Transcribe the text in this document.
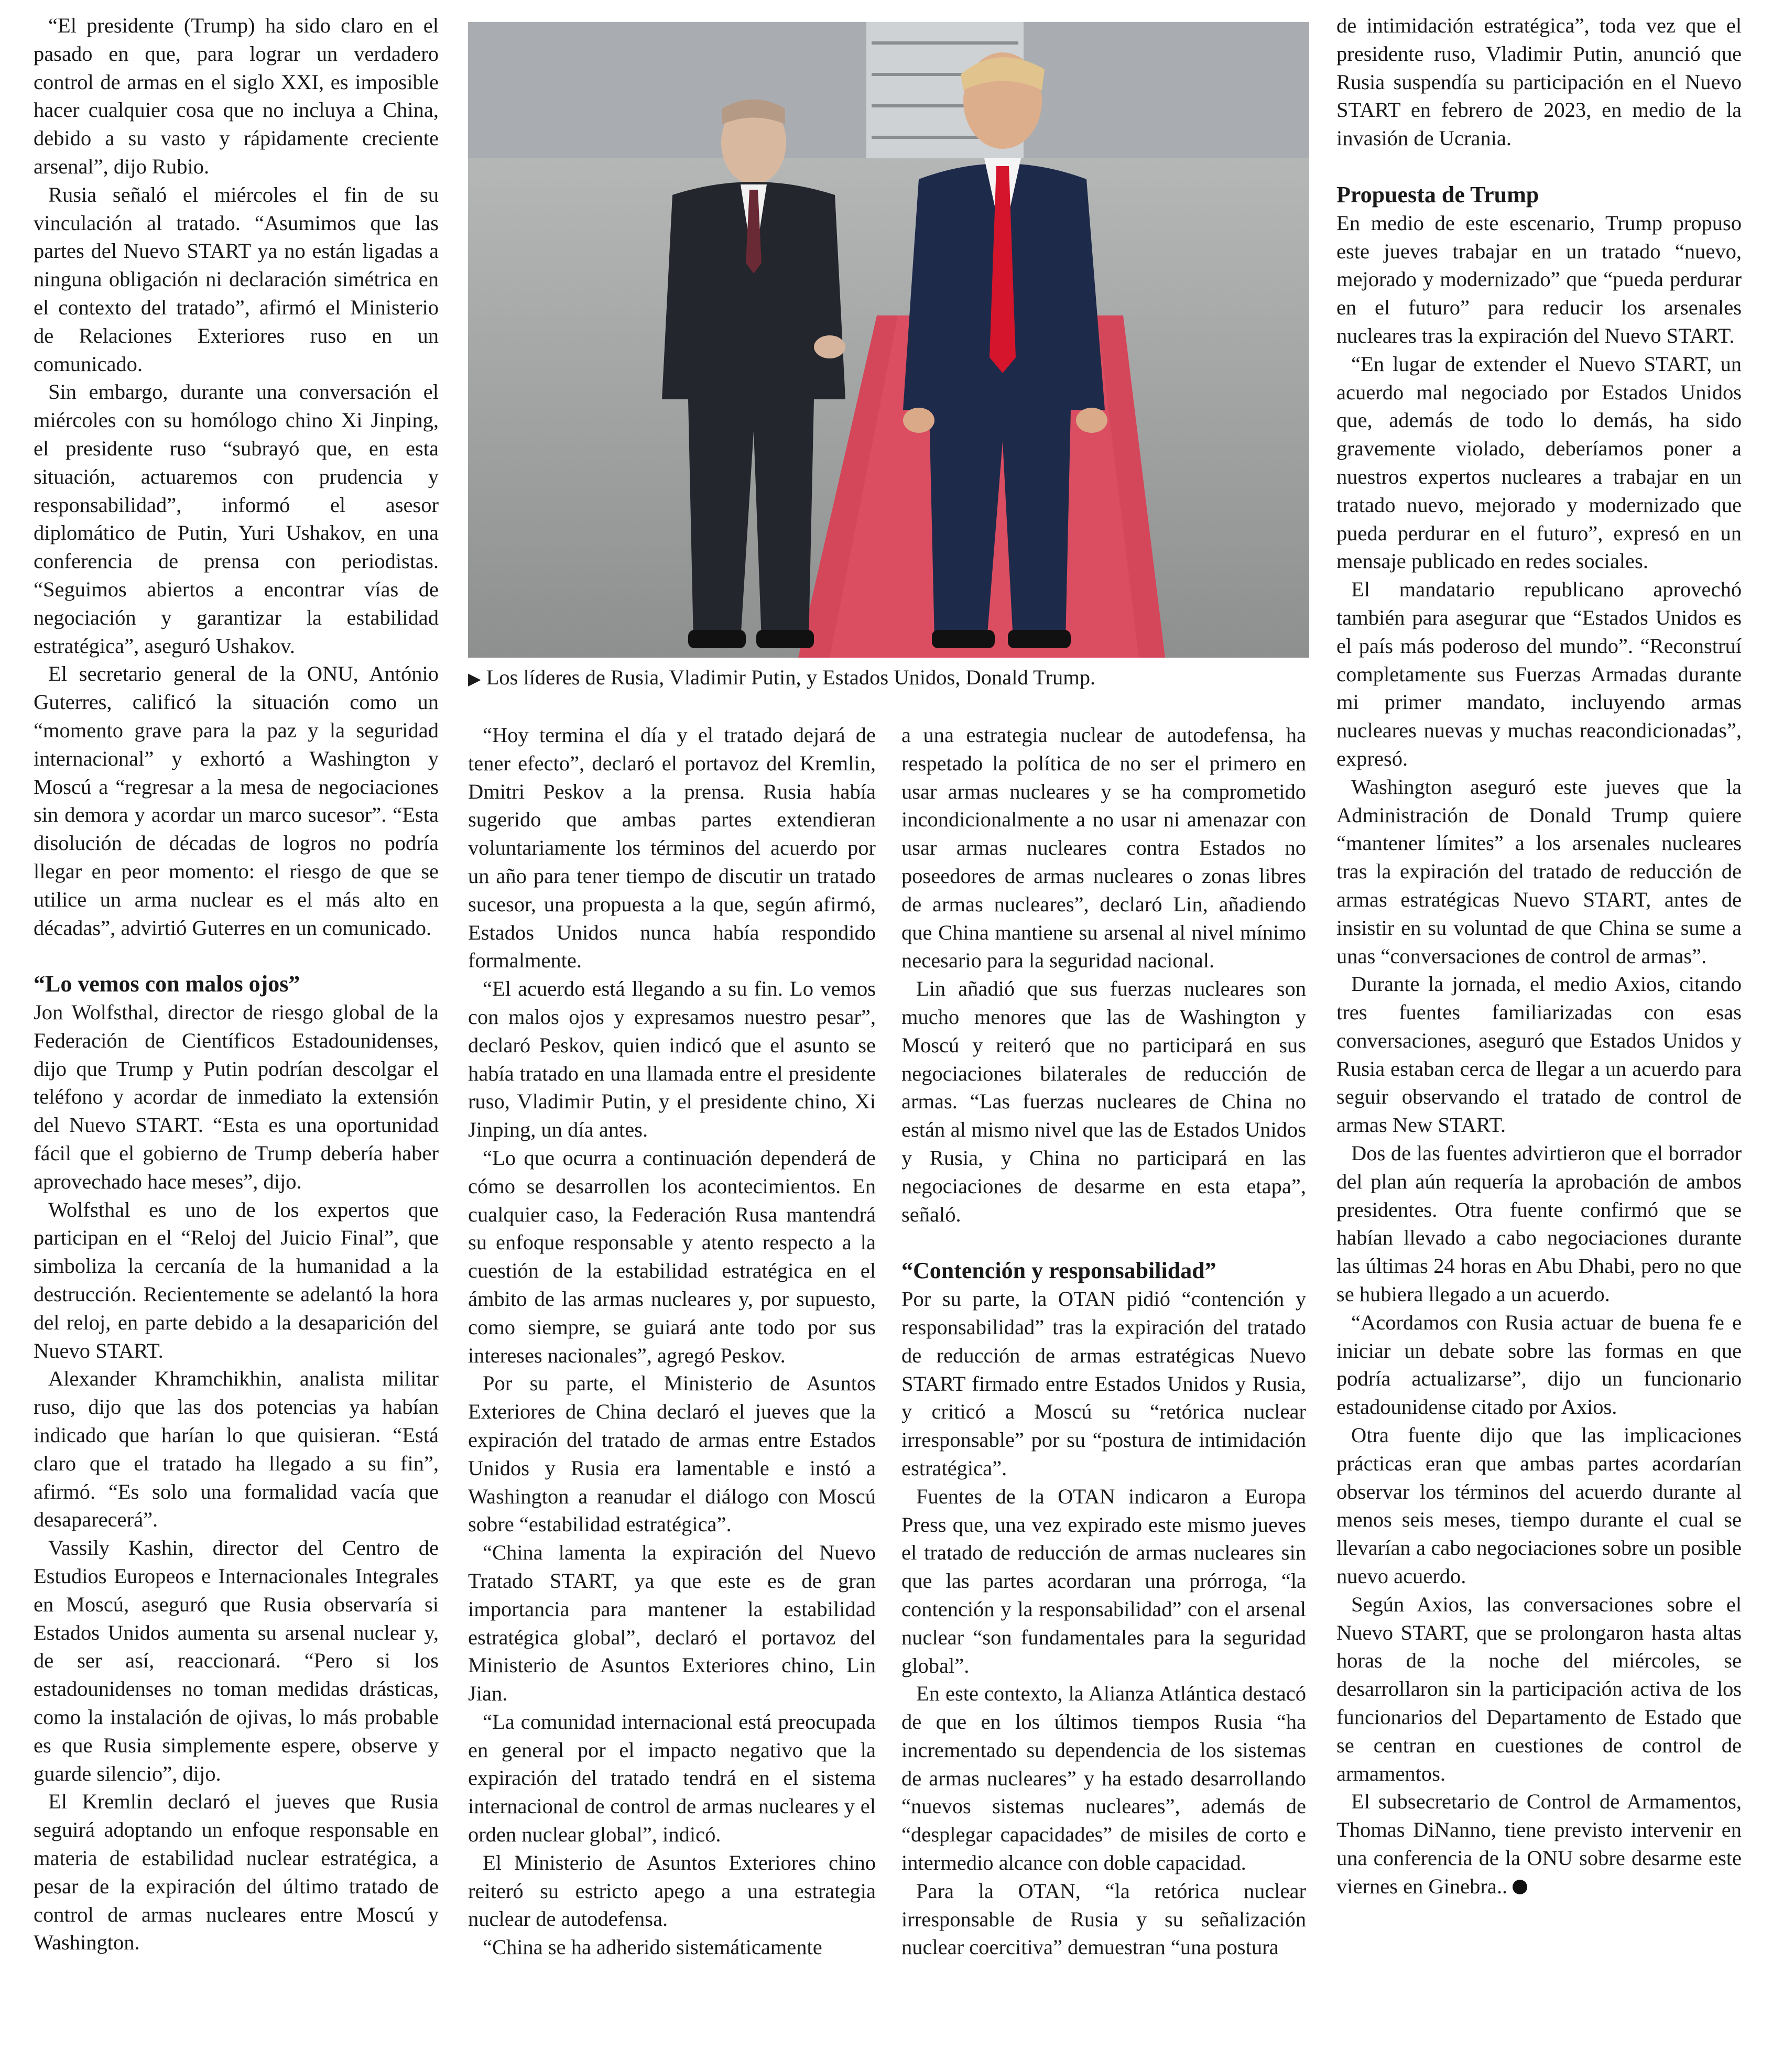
“El presidente (Trump) ha sido claro en el pasado en que, para lograr un verdadero control de armas en el siglo XXI, es imposible hacer cualquier cosa que no incluya a China, debido a su vasto y rápidamente creciente arsenal”, dijo Rubio.

Rusia señaló el miércoles el fin de su vinculación al tratado. “Asumimos que las partes del Nuevo START ya no están ligadas a ninguna obligación ni declaración simétrica en el contexto del tratado”, afirmó el Ministerio de Relaciones Exteriores ruso en un comunicado.

Sin embargo, durante una conversación el miércoles con su homólogo chino Xi Jinping, el presidente ruso “subrayó que, en esta situación, actuaremos con prudencia y responsabilidad”, informó el asesor diplomático de Putin, Yuri Ushakov, en una conferencia de prensa con periodistas. “Seguimos abiertos a encontrar vías de negociación y garantizar la estabilidad estratégica”, aseguró Ushakov.

El secretario general de la ONU, António Guterres, calificó la situación como un “momento grave para la paz y la seguridad internacional” y exhortó a Washington y Moscú a “regresar a la mesa de negociaciones sin demora y acordar un marco sucesor”. “Esta disolución de décadas de logros no podría llegar en peor momento: el riesgo de que se utilice un arma nuclear es el más alto en décadas”, advirtió Guterres en un comunicado.

“Lo vemos con malos ojos”

Jon Wolfsthal, director de riesgo global de la Federación de Científicos Estadounidenses, dijo que Trump y Putin podrían descolgar el teléfono y acordar de inmediato la extensión del Nuevo START. “Esta es una oportunidad fácil que el gobierno de Trump debería haber aprovechado hace meses”, dijo.

Wolfsthal es uno de los expertos que participan en el “Reloj del Juicio Final”, que simboliza la cercanía de la humanidad a la destrucción. Recientemente se adelantó la hora del reloj, en parte debido a la desaparición del Nuevo START.

Alexander Khramchikhin, analista militar ruso, dijo que las dos potencias ya habían indicado que harían lo que quisieran. “Está claro que el tratado ha llegado a su fin”, afirmó. “Es solo una formalidad vacía que desaparecerá”.

Vassily Kashin, director del Centro de Estudios Europeos e Internacionales Integrales en Moscú, aseguró que Rusia observaría si Estados Unidos aumenta su arsenal nuclear y, de ser así, reaccionará. “Pero si los estadounidenses no toman medidas drásticas, como la instalación de ojivas, lo más probable es que Rusia simplemente espere, observe y guarde silencio”, dijo.

El Kremlin declaró el jueves que Rusia seguirá adoptando un enfoque responsable en materia de estabilidad nuclear estratégica, a pesar de la expiración del último tratado de control de armas nucleares entre Moscú y Washington.

▶ Los líderes de Rusia, Vladimir Putin, y Estados Unidos, Donald Trump.

“Hoy termina el día y el tratado dejará de tener efecto”, declaró el portavoz del Kremlin, Dmitri Peskov a la prensa. Rusia había sugerido que ambas partes extendieran voluntariamente los términos del acuerdo por un año para tener tiempo de discutir un tratado sucesor, una propuesta a la que, según afirmó, Estados Unidos nunca había respondido formalmente.

“El acuerdo está llegando a su fin. Lo vemos con malos ojos y expresamos nuestro pesar”, declaró Peskov, quien indicó que el asunto se había tratado en una llamada entre el presidente ruso, Vladimir Putin, y el presidente chino, Xi Jinping, un día antes.

“Lo que ocurra a continuación dependerá de cómo se desarrollen los acontecimientos. En cualquier caso, la Federación Rusa mantendrá su enfoque responsable y atento respecto a la cuestión de la estabilidad estratégica en el ámbito de las armas nucleares y, por supuesto, como siempre, se guiará ante todo por sus intereses nacionales”, agregó Peskov.

Por su parte, el Ministerio de Asuntos Exteriores de China declaró el jueves que la expiración del tratado de armas entre Estados Unidos y Rusia era lamentable e instó a Washington a reanudar el diálogo con Moscú sobre “estabilidad estratégica”.

“China lamenta la expiración del Nuevo Tratado START, ya que este es de gran importancia para mantener la estabilidad estratégica global”, declaró el portavoz del Ministerio de Asuntos Exteriores chino, Lin Jian.

“La comunidad internacional está preocupada en general por el impacto negativo que la expiración del tratado tendrá en el sistema internacional de control de armas nucleares y el orden nuclear global”, indicó.

El Ministerio de Asuntos Exteriores chino reiteró su estricto apego a una estrategia nuclear de autodefensa.

“China se ha adherido sistemáticamente

a una estrategia nuclear de autodefensa, ha respetado la política de no ser el primero en usar armas nucleares y se ha comprometido incondicionalmente a no usar ni amenazar con usar armas nucleares contra Estados no poseedores de armas nucleares o zonas libres de armas nucleares”, declaró Lin, añadiendo que China mantiene su arsenal al nivel mínimo necesario para la seguridad nacional.

Lin añadió que sus fuerzas nucleares son mucho menores que las de Washington y Moscú y reiteró que no participará en sus negociaciones bilaterales de reducción de armas. “Las fuerzas nucleares de China no están al mismo nivel que las de Estados Unidos y Rusia, y China no participará en las negociaciones de desarme en esta etapa”, señaló.

“Contención y responsabilidad”

Por su parte, la OTAN pidió “contención y responsabilidad” tras la expiración del tratado de reducción de armas estratégicas Nuevo START firmado entre Estados Unidos y Rusia, y criticó a Moscú su “retórica nuclear irresponsable” por su “postura de intimidación estratégica”.

Fuentes de la OTAN indicaron a Europa Press que, una vez expirado este mismo jueves el tratado de reducción de armas nucleares sin que las partes acordaran una prórroga, “la contención y la responsabilidad” con el arsenal nuclear “son fundamentales para la seguridad global”.

En este contexto, la Alianza Atlántica destacó de que en los últimos tiempos Rusia “ha incrementado su dependencia de los sistemas de armas nucleares” y ha estado desarrollando “nuevos sistemas nucleares”, además de “desplegar capacidades” de misiles de corto e intermedio alcance con doble capacidad.

Para la OTAN, “la retórica nuclear irresponsable de Rusia y su señalización nuclear coercitiva” demuestran “una postura

de intimidación estratégica”, toda vez que el presidente ruso, Vladimir Putin, anunció que Rusia suspendía su participación en el Nuevo START en febrero de 2023, en medio de la invasión de Ucrania.

Propuesta de Trump

En medio de este escenario, Trump propuso este jueves trabajar en un tratado “nuevo, mejorado y modernizado” que “pueda perdurar en el futuro” para reducir los arsenales nucleares tras la expiración del Nuevo START.

“En lugar de extender el Nuevo START, un acuerdo mal negociado por Estados Unidos que, además de todo lo demás, ha sido gravemente violado, deberíamos poner a nuestros expertos nucleares a trabajar en un tratado nuevo, mejorado y modernizado que pueda perdurar en el futuro”, expresó en un mensaje publicado en redes sociales.

El mandatario republicano aprovechó también para asegurar que “Estados Unidos es el país más poderoso del mundo”. “Reconstruí completamente sus Fuerzas Armadas durante mi primer mandato, incluyendo armas nucleares nuevas y muchas reacondicionadas”, expresó.

Washington aseguró este jueves que la Administración de Donald Trump quiere “mantener límites” a los arsenales nucleares tras la expiración del tratado de reducción de armas estratégicas Nuevo START, antes de insistir en su voluntad de que China se sume a unas “conversaciones de control de armas”.

Durante la jornada, el medio Axios, citando tres fuentes familiarizadas con esas conversaciones, aseguró que Estados Unidos y Rusia estaban cerca de llegar a un acuerdo para seguir observando el tratado de control de armas New START.

Dos de las fuentes advirtieron que el borrador del plan aún requería la aprobación de ambos presidentes. Otra fuente confirmó que se habían llevado a cabo negociaciones durante las últimas 24 horas en Abu Dhabi, pero no que se hubiera llegado a un acuerdo.

“Acordamos con Rusia actuar de buena fe e iniciar un debate sobre las formas en que podría actualizarse”, dijo un funcionario estadounidense citado por Axios.

Otra fuente dijo que las implicaciones prácticas eran que ambas partes acordarían observar los términos del acuerdo durante al menos seis meses, tiempo durante el cual se llevarían a cabo negociaciones sobre un posible nuevo acuerdo.

Según Axios, las conversaciones sobre el Nuevo START, que se prolongaron hasta altas horas de la noche del miércoles, se desarrollaron sin la participación activa de los funcionarios del Departamento de Estado que se centran en cuestiones de control de armamentos.

El subsecretario de Control de Armamentos, Thomas DiNanno, tiene previsto intervenir en una conferencia de la ONU sobre desarme este viernes en Ginebra..
